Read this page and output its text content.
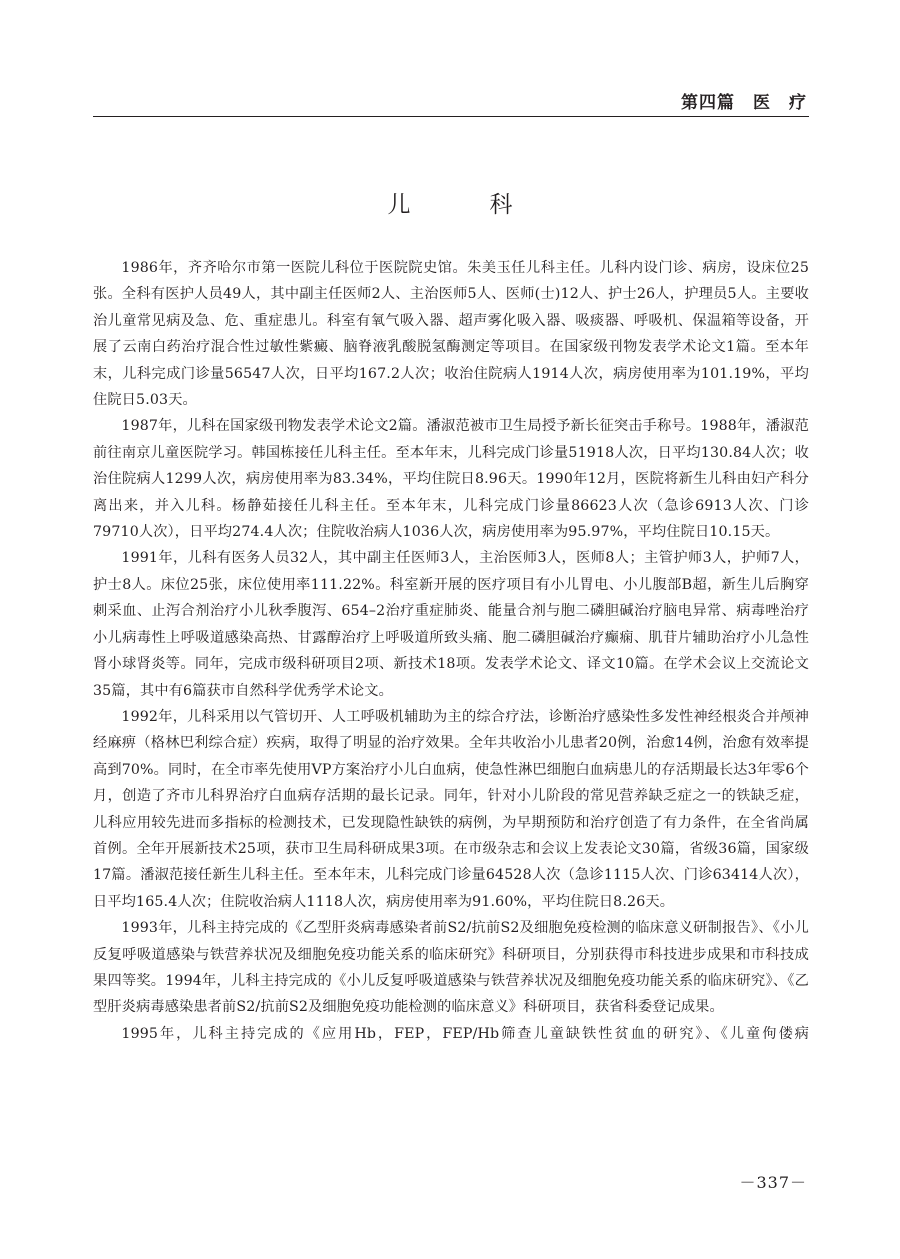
第四篇 医　疗
儿　科

1986年，齐齐哈尔市第一医院儿科位于医院院史馆。朱美玉任儿科主任。儿科内设门诊、病房，设床位25张。全科有医护人员49人，其中副主任医师2人、主治医师5人、医师(士)12人、护士26人，护理员5人。主要收治儿童常见病及急、危、重症患儿。科室有氧气吸入器、超声雾化吸入器、吸痰器、呼吸机、保温箱等设备，开展了云南白药治疗混合性过敏性紫癜、脑脊液乳酸脱氢酶测定等项目。在国家级刊物发表学术论文1篇。至本年末，儿科完成门诊量56547人次，日平均167.2人次；收治住院病人1914人次，病房使用率为101.19%，平均住院日5.03天。

1987年，儿科在国家级刊物发表学术论文2篇。潘淑范被市卫生局授予新长征突击手称号。1988年，潘淑范前往南京儿童医院学习。韩国栋接任儿科主任。至本年末，儿科完成门诊量51918人次，日平均130.84人次；收治住院病人1299人次，病房使用率为83.34%，平均住院日8.96天。1990年12月，医院将新生儿科由妇产科分离出来，并入儿科。杨静茹接任儿科主任。至本年末，儿科完成门诊量86623人次（急诊6913人次、门诊79710人次），日平均274.4人次；住院收治病人1036人次，病房使用率为95.97%，平均住院日10.15天。

1991年，儿科有医务人员32人，其中副主任医师3人，主治医师3人，医师8人；主管护师3人，护师7人，护士8人。床位25张，床位使用率111.22%。科室新开展的医疗项目有小儿胃电、小儿腹部B超，新生儿后胸穿刺采血、止泻合剂治疗小儿秋季腹泻、654–2治疗重症肺炎、能量合剂与胞二磷胆碱治疗脑电异常、病毒唑治疗小儿病毒性上呼吸道感染高热、甘露醇治疗上呼吸道所致头痛、胞二磷胆碱治疗癫痫、肌苷片辅助治疗小儿急性肾小球肾炎等。同年，完成市级科研项目2项、新技术18项。发表学术论文、译文10篇。在学术会议上交流论文35篇，其中有6篇获市自然科学优秀学术论文。

1992年，儿科采用以气管切开、人工呼吸机辅助为主的综合疗法，诊断治疗感染性多发性神经根炎合并颅神经麻痹（格林巴利综合症）疾病，取得了明显的治疗效果。全年共收治小儿患者20例，治愈14例，治愈有效率提高到70%。同时，在全市率先使用VP方案治疗小儿白血病，使急性淋巴细胞白血病患儿的存活期最长达3年零6个月，创造了齐市儿科界治疗白血病存活期的最长记录。同年，针对小儿阶段的常见营养缺乏症之一的铁缺乏症，儿科应用较先进而多指标的检测技术，已发现隐性缺铁的病例，为早期预防和治疗创造了有力条件，在全省尚属首例。全年开展新技术25项，获市卫生局科研成果3项。在市级杂志和会议上发表论文30篇，省级36篇，国家级17篇。潘淑范接任新生儿科主任。至本年末，儿科完成门诊量64528人次（急诊1115人次、门诊63414人次），日平均165.4人次；住院收治病人1118人次，病房使用率为91.60%，平均住院日8.26天。

1993年，儿科主持完成的《乙型肝炎病毒感染者前S2/抗前S2及细胞免疫检测的临床意义研制报告》、《小儿反复呼吸道感染与铁营养状况及细胞免疫功能关系的临床研究》科研项目，分别获得市科技进步成果和市科技成果四等奖。1994年，儿科主持完成的《小儿反复呼吸道感染与铁营养状况及细胞免疫功能关系的临床研究》、《乙型肝炎病毒感染患者前S2/抗前S2及细胞免疫功能检测的临床意义》科研项目，获省科委登记成果。

1995年，儿科主持完成的《应用Hb，FEP，FEP/Hb筛查儿童缺铁性贫血的研究》、《儿童佝偻病

－337－
